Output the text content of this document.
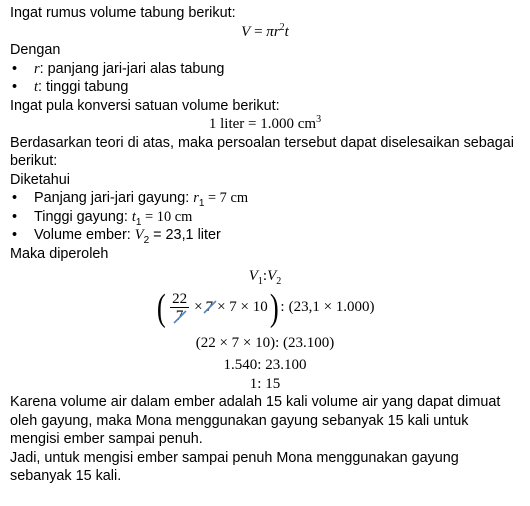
Ingat rumus volume tabung berikut:
$V = \pi r^2t$
Dengan
•	r: panjang jari-jari alas tabung
•	t: tinggi tabung
Ingat pula konversi satuan volume berikut:
1 liter = 1.000 $cm^3$
Berdasarkan teori di atas, maka persoalan tersebut dapat diselesaikan sebagai berikut:
Diketahui
•	Panjang jari-jari gayung: $r_1 = 7$ cm
•	Tinggi gayung: $t_1 = 10$ cm
•	Volume ember: $V_2 = 23,1$ liter
Maka diperoleh
$V_1:V_2$
( $\frac{22}{7} \times 7 \times 7 \times 10$ ) : (23,1 × 1.000)
(22 × 7 × 10): (23.100)
1.540: 23.100
1: 15
Karena volume air dalam ember adalah 15 kali volume air yang dapat dimuat oleh gayung, maka Mona menggunakan gayung sebanyak 15 kali untuk mengisi ember sampai penuh.
Jadi, untuk mengisi ember sampai penuh Mona menggunakan gayung sebanyak 15 kali.
